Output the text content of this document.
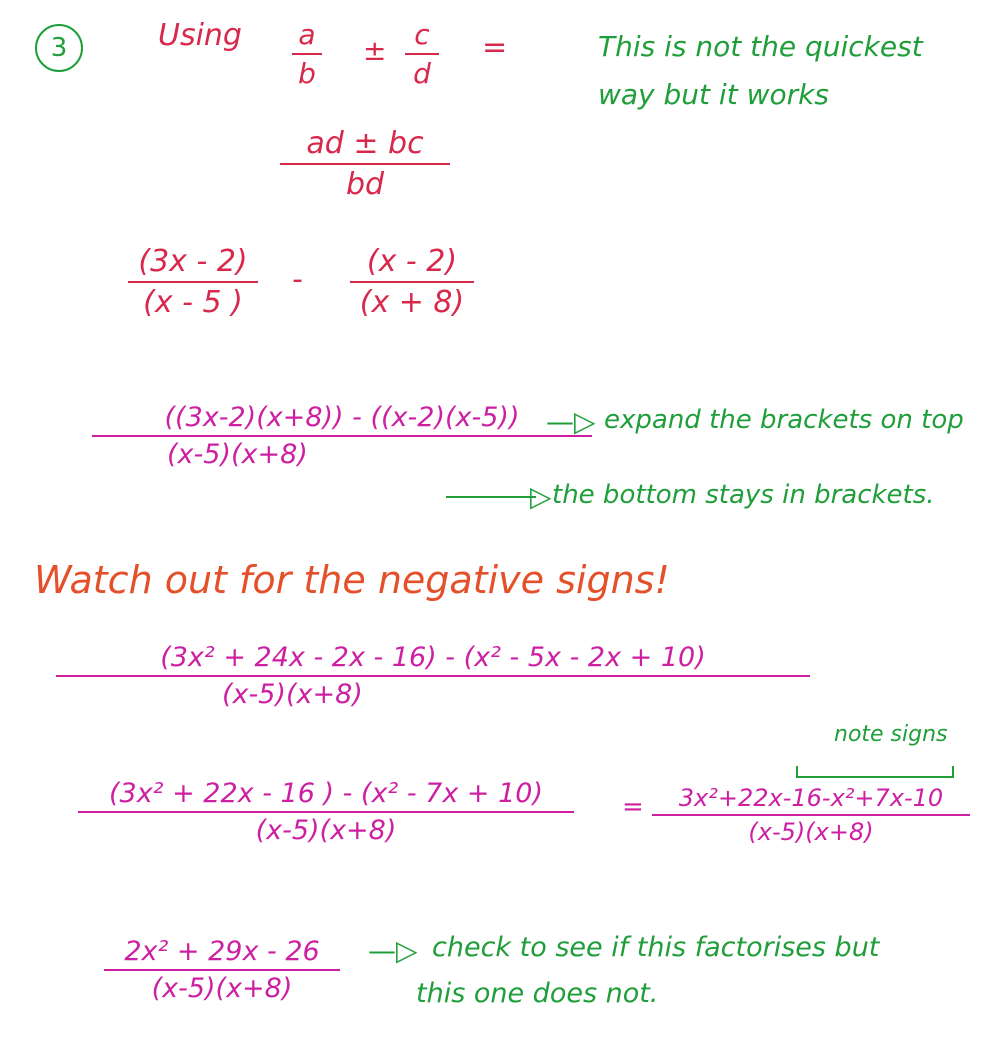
3	Using a
b
± c
d
=
ad ± bc
bd
This is not the quickest
way but it works
(3x - 2)
(x - 5 )
-
(x - 2)
(x + 8)
((3x-2)(x+8)) - ((x-2)(x-5))
(x-5)(x+8)
—▷ expand the brackets on top
▷ the bottom stays in brackets.
Watch out for the negative signs!
(3x² + 24x - 2x - 16) - (x² - 5x - 2x + 10)
(x-5)(x+8)
note signs
(3x² + 22x - 16 ) - (x² - 7x + 10)
(x-5)(x+8)
= 3x²+22x-16-x²+7x-10
(x-5)(x+8)
2x² + 29x - 26
(x-5)(x+8)
—▷ check to see if this factorises but
this one does not.
